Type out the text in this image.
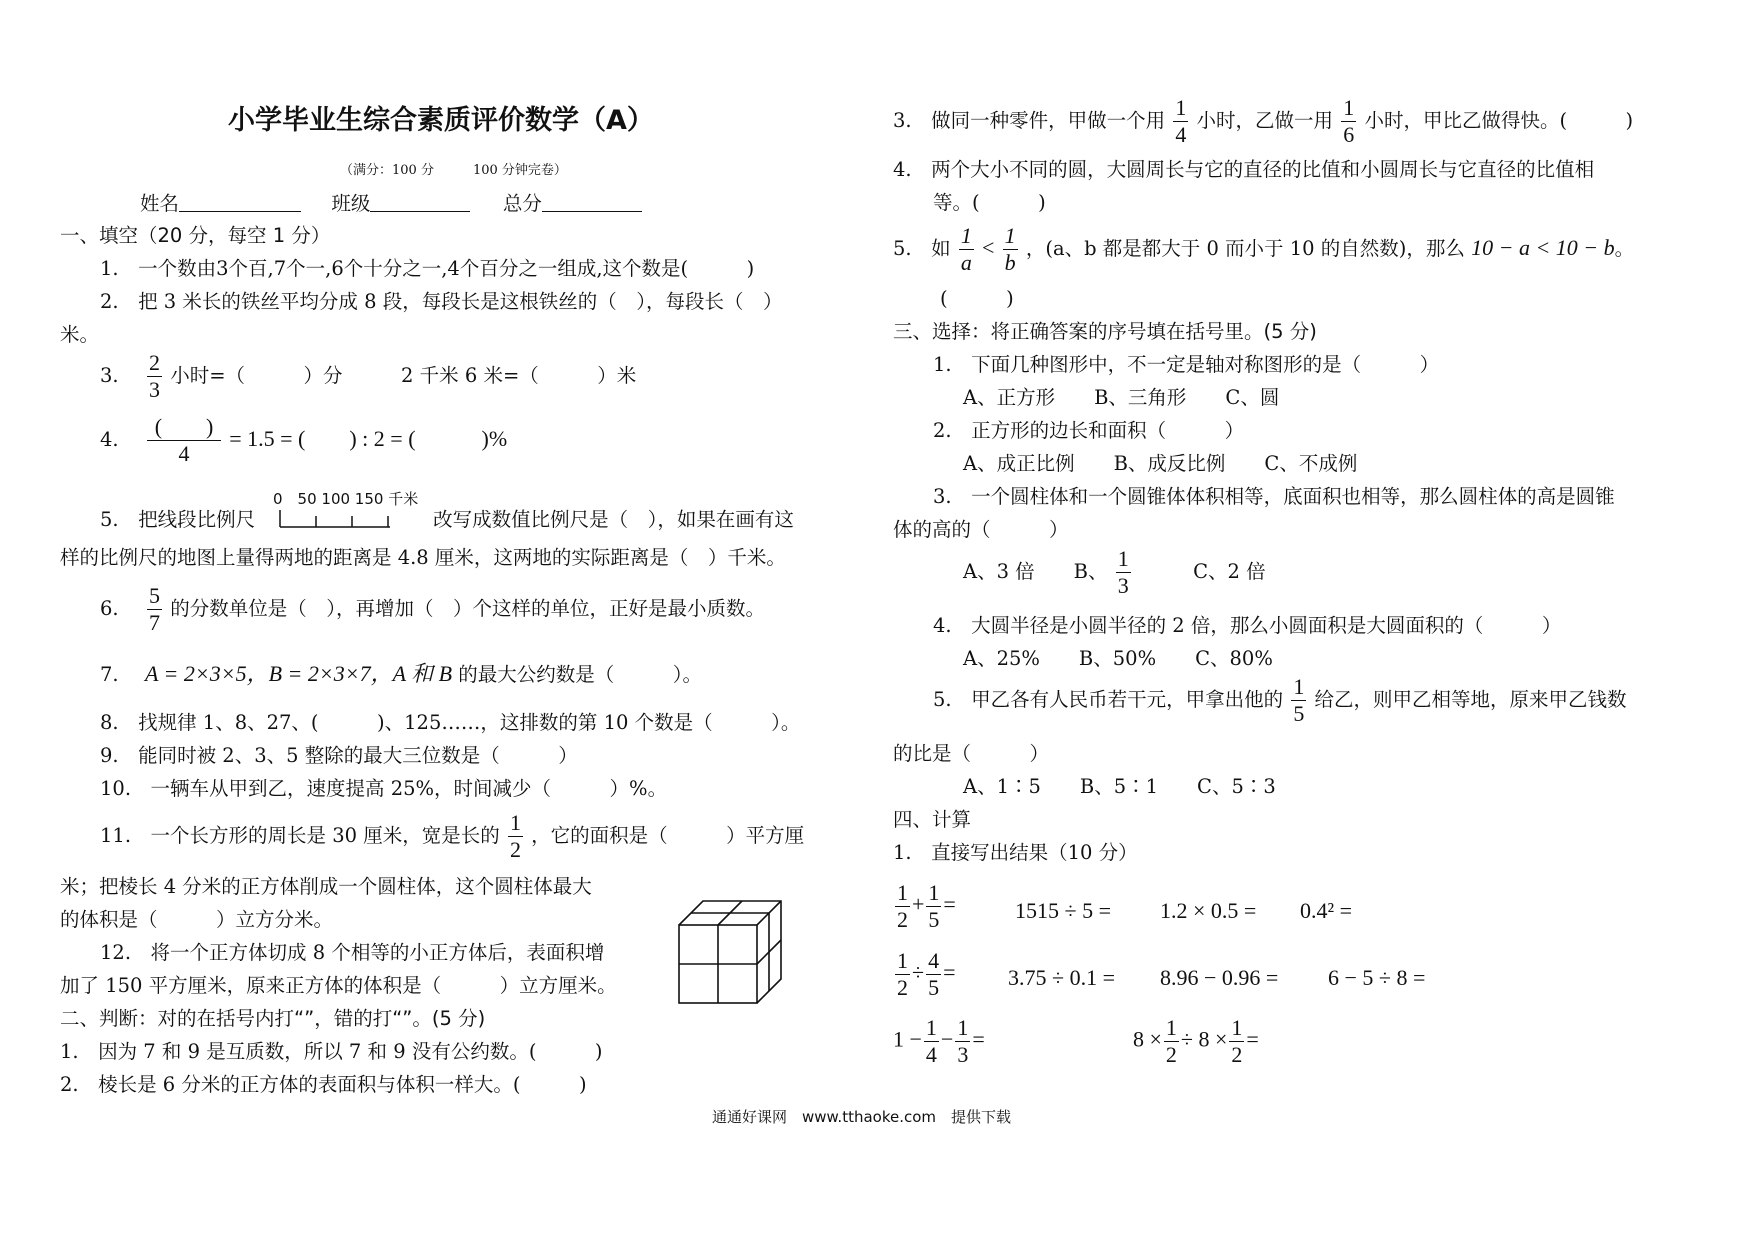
小学毕业生综合素质评价数学（A）
（满分：100 分　　　100 分钟完卷）
姓名	班级	总分
一、填空（20 分，每空 1 分）
1.　一个数由3个百,7个一,6个十分之一,4个百分之一组成,这个数是(　　　)
2.　把 3 米长的铁丝平均分成 8 段，每段长是这根铁丝的（　），每段长（　）
米。
3. $\frac{2}{3}$ 小时=（　　　）分　　　2 千米 6 米=（　　　）米
4. $\frac{( )}{4} = 1.5$ = (　　) : 2 = (　　　)%
0　50 100 150 千米
5.　把线段比例尺	改写成数值比例尺是（　），如果在画有这
样的比例尺的地图上量得两地的距离是 4.8 厘米，这两地的实际距离是（　）千米。
6. $\frac{5}{7}$ 的分数单位是（　），再增加（　）个这样的单位，正好是最小质数。
7. A = 2×3×5，B = 2×3×7，A 和 B 的最大公约数是（　　　）。
8.　找规律 1、8、27、(　　　)、125……，这排数的第 10 个数是（　　　）。
9.　能同时被 2、3、5 整除的最大三位数是（　　　）
10.　一辆车从甲到乙，速度提高 25%，时间减少（　　　）%。
11.　一个长方形的周长是 30 厘米，宽是长的 $\frac{1}{2}$ ，它的面积是（　　　）平方厘
米；把棱长 4 分米的正方体削成一个圆柱体，这个圆柱体最大
的体积是（　　　）立方分米。
12.　将一个正方体切成 8 个相等的小正方体后，表面积增
加了 150 平方厘米，原来正方体的体积是（　　　）立方厘米。
二、判断：对的在括号内打“”，错的打“”。(5 分)
1.　因为 7 和 9 是互质数，所以 7 和 9 没有公约数。(　　　)
2.　棱长是 6 分米的正方体的表面积与体积一样大。(　　　)
3.　做同一种零件，甲做一个用 $\frac{1}{4}$ 小时，乙做一用 $\frac{1}{6}$ 小时，甲比乙做得快。(　　　)
4.　两个大小不同的圆，大圆周长与它的直径的比值和小圆周长与它直径的比值相
等。(　　　)
5.　如 $\frac{1}{a} < \frac{1}{b}$ ，(a、b 都是都大于 0 而小于 10 的自然数)，那么 10 − a < 10 − b。
(　　　)
三、选择：将正确答案的序号填在括号里。(5 分)
1.　下面几种图形中，不一定是轴对称图形的是（　　　）
A、正方形　　B、三角形　　C、圆
2.　正方形的边长和面积（　　　）
A、成正比例　　B、成反比例　　C、不成例
3.　一个圆柱体和一个圆锥体体积相等，底面积也相等，那么圆柱体的高是圆锥
体的高的（　　　）
A、3 倍　　B、 $\frac{1}{3}$	C、2 倍
4.　大圆半径是小圆半径的 2 倍，那么小圆面积是大圆面积的（　　　）
A、25%　　B、50%　　C、80%
5.　甲乙各有人民币若干元，甲拿出他的 $\frac{1}{5}$ 给乙，则甲乙相等地，原来甲乙钱数
的比是（　　　）
A、1∶5　　B、5∶1　　C、5∶3
四、计算
1.　直接写出结果（10 分）
$\frac{1}{2} + \frac{1}{5}$ =	1515 ÷ 5 = 1.2 × 0.5 = 0.4² =
$\frac{1}{2} \div \frac{4}{5} = 3.75 \div 0.1 = 8.96 - 0.96 = 6 - 5 \div 8$ =
$1 - \frac{1}{4} - \frac{1}{3}$ =	$8 \times \frac{1}{2} \div 8 \times \frac{1}{2}$ =
通通好课网　www.tthaoke.com　提供下载
